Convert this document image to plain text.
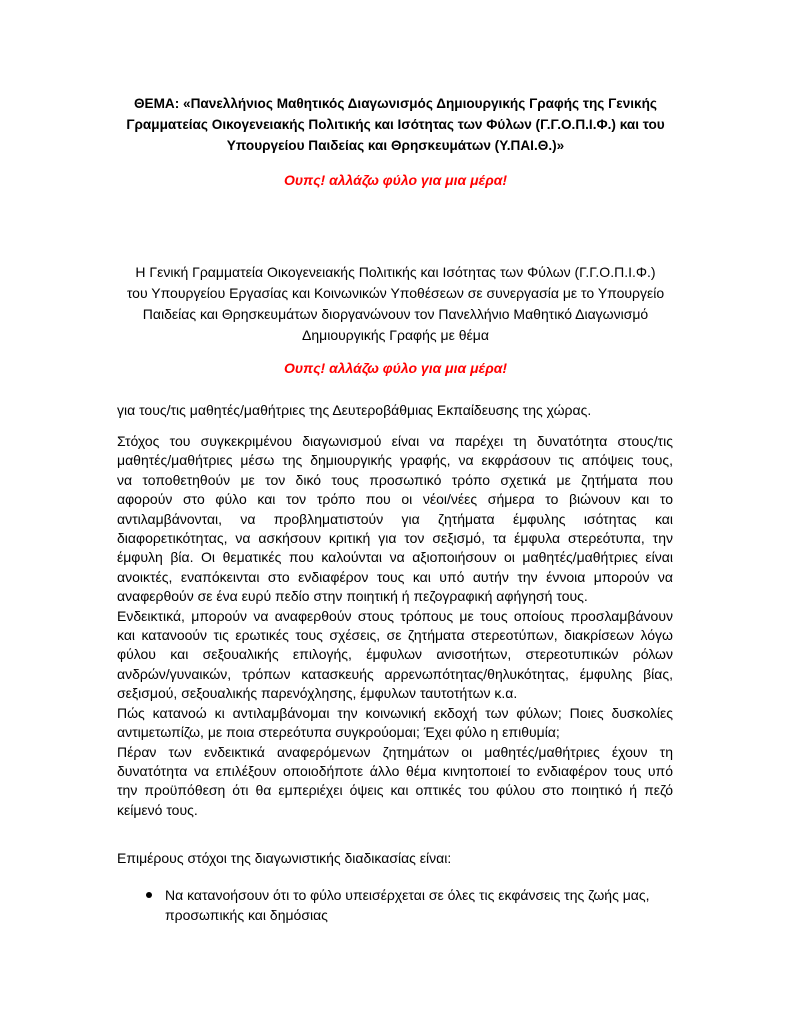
ΘΕΜΑ: «Πανελλήνιος Μαθητικός Διαγωνισμός Δημιουργικής Γραφής της Γενικής
Γραμματείας Οικογενειακής Πολιτικής και Ισότητας των Φύλων (Γ.Γ.Ο.Π.Ι.Φ.) και του
Υπουργείου Παιδείας και Θρησκευμάτων (Υ.ΠΑΙ.Θ.)»
Ουπς! αλλάζω φύλο για μια μέρα!
Η Γενική Γραμματεία Οικογενειακής Πολιτικής και Ισότητας των Φύλων (Γ.Γ.Ο.Π.Ι.Φ.)
του Υπουργείου Εργασίας και Κοινωνικών Υποθέσεων σε συνεργασία με το Υπουργείο
Παιδείας και Θρησκευμάτων διοργανώνουν τον Πανελλήνιο Μαθητικό Διαγωνισμό
Δημιουργικής Γραφής με θέμα
Ουπς! αλλάζω φύλο για μια μέρα!
για τους/τις μαθητές/μαθήτριες της Δευτεροβάθμιας Εκπαίδευσης της χώρας.
Στόχος του συγκεκριμένου διαγωνισμού είναι να παρέχει τη δυνατότητα στους/τις
μαθητές/μαθήτριες μέσω της δημιουργικής γραφής, να εκφράσουν τις απόψεις τους,
να τοποθετηθούν με τον δικό τους προσωπικό τρόπο σχετικά με ζητήματα που
αφορούν στο φύλο και τον τρόπο που οι νέοι/νέες σήμερα το βιώνουν και το
αντιλαμβάνονται, να προβληματιστούν για ζητήματα έμφυλης ισότητας και
διαφορετικότητας, να ασκήσουν κριτική για τον σεξισμό, τα έμφυλα στερεότυπα, την
έμφυλη βία. Οι θεματικές που καλούνται να αξιοποιήσουν οι μαθητές/μαθήτριες είναι
ανοικτές, εναπόκεινται στο ενδιαφέρον τους και υπό αυτήν την έννοια μπορούν να
αναφερθούν σε ένα ευρύ πεδίο στην ποιητική ή πεζογραφική αφήγησή τους.
Ενδεικτικά, μπορούν να αναφερθούν στους τρόπους με τους οποίους προσλαμβάνουν
και κατανοούν τις ερωτικές τους σχέσεις, σε ζητήματα στερεοτύπων, διακρίσεων λόγω
φύλου και σεξουαλικής επιλογής, έμφυλων ανισοτήτων, στερεοτυπικών ρόλων
ανδρών/γυναικών, τρόπων κατασκευής αρρενωπότητας/θηλυκότητας, έμφυλης βίας,
σεξισμού, σεξουαλικής παρενόχλησης, έμφυλων ταυτοτήτων κ.α.
Πώς κατανοώ κι αντιλαμβάνομαι την κοινωνική εκδοχή των φύλων; Ποιες δυσκολίες
αντιμετωπίζω, με ποια στερεότυπα συγκρούομαι; Έχει φύλο η επιθυμία;
Πέραν των ενδεικτικά αναφερόμενων ζητημάτων οι μαθητές/μαθήτριες έχουν τη
δυνατότητα να επιλέξουν οποιοδήποτε άλλο θέμα κινητοποιεί το ενδιαφέρον τους υπό
την προϋπόθεση ότι θα εμπεριέχει όψεις και οπτικές του φύλου στο ποιητικό ή πεζό
κείμενό τους.
Επιμέρους στόχοι της διαγωνιστικής διαδικασίας είναι:
Να κατανοήσουν ότι το φύλο υπεισέρχεται σε όλες τις εκφάνσεις της ζωής μας,
προσωπικής και δημόσιας
